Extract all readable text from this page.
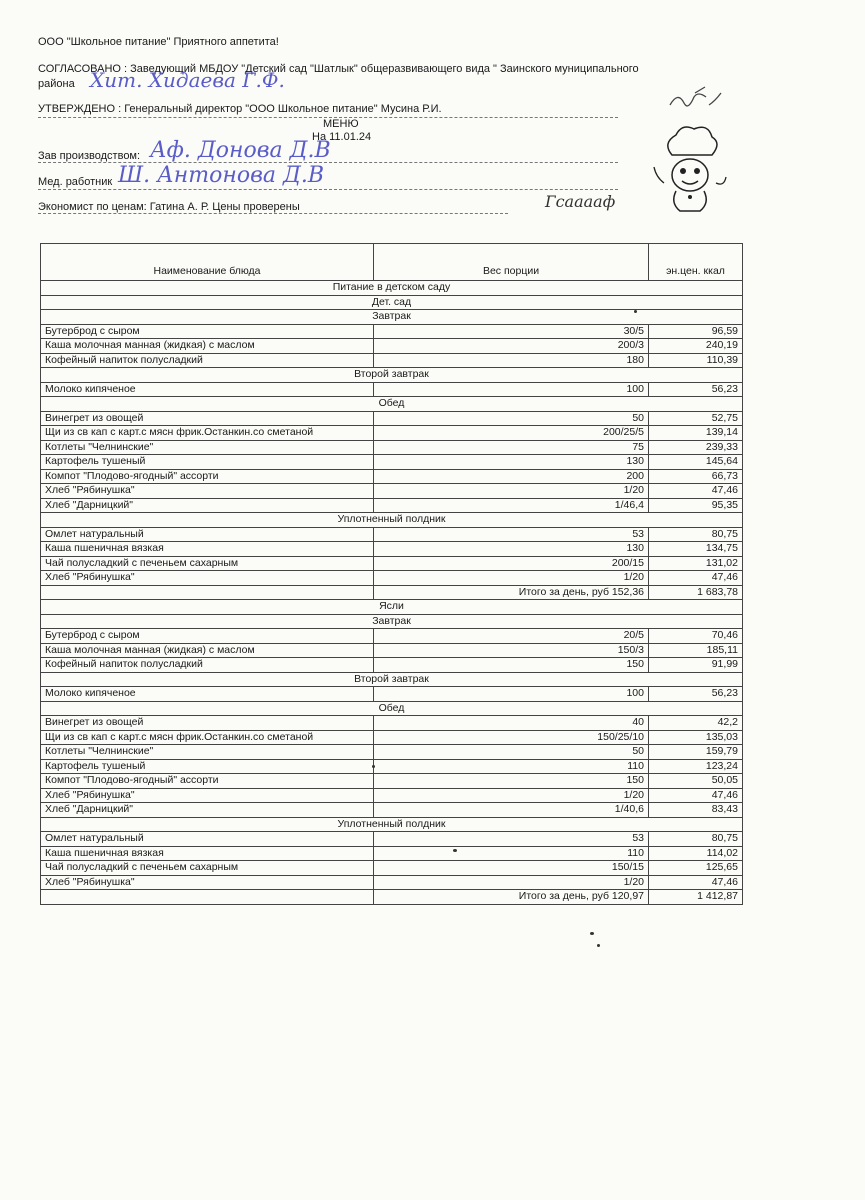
ООО "Школьное питание" Приятного аппетита!
СОГЛАСОВАНО : Заведующий МБДОУ "Детский сад "Шатлык" общеразвивающего вида " Заинского муниципального
района Хит. Хидаева Г.Ф.
УТВЕРЖДЕНО : Генеральный директор "ООО Школьное питание" Мусина Р.И.
МЕНЮ
На 11.01.24
Зав производством: Аф. Донова Д.В
Мед. работник Ш. Антонова Д.В
Экономист по ценам: Гатина А. Р. Цены проверены	Гсааааф
Наименование блюда	Вес порции	эн.цен. ккал
Питание в детском саду		
Дет. сад		
Завтрак		
Бутерброд с сыром	30/5	96,59
Каша молочная манная (жидкая) с маслом	200/3	240,19
Кофейный напиток полусладкий	180	110,39
Второй завтрак		
Молоко кипяченое	100	56,23
Обед		
Винегрет из овощей	50	52,75
Щи из св кап с карт.с мясн фрик.Останкин.со сметаной	200/25/5	139,14
Котлеты "Челнинские"	75	239,33
Картофель тушеный	130	145,64
Компот "Плодово-ягодный" ассорти	200	66,73
Хлеб "Рябинушка"	1/20	47,46
Хлеб "Дарницкий"	1/46,4	95,35
Уплотненный полдник		
Омлет натуральный	53	80,75
Каша пшеничная вязкая	130	134,75
Чай полусладкий с печеньем сахарным	200/15	131,02
Хлеб "Рябинушка"	1/20	47,46
	Итого за день, руб 152,36	1 683,78
Ясли		
Завтрак		
Бутерброд с сыром	20/5	70,46
Каша молочная манная (жидкая) с маслом	150/3	185,11
Кофейный напиток полусладкий	150	91,99
Второй завтрак		
Молоко кипяченое	100	56,23
Обед		
Винегрет из овощей	40	42,2
Щи из св кап с карт.с мясн фрик.Останкин.со сметаной	150/25/10	135,03
Котлеты "Челнинские"	50	159,79
Картофель тушеный	110	123,24
Компот "Плодово-ягодный" ассорти	150	50,05
Хлеб "Рябинушка"	1/20	47,46
Хлеб "Дарницкий"	1/40,6	83,43
Уплотненный полдник		
Омлет натуральный	53	80,75
Каша пшеничная вязкая	110	114,02
Чай полусладкий с печеньем сахарным	150/15	125,65
Хлеб "Рябинушка"	1/20	47,46
	Итого за день, руб 120,97	1 412,87
